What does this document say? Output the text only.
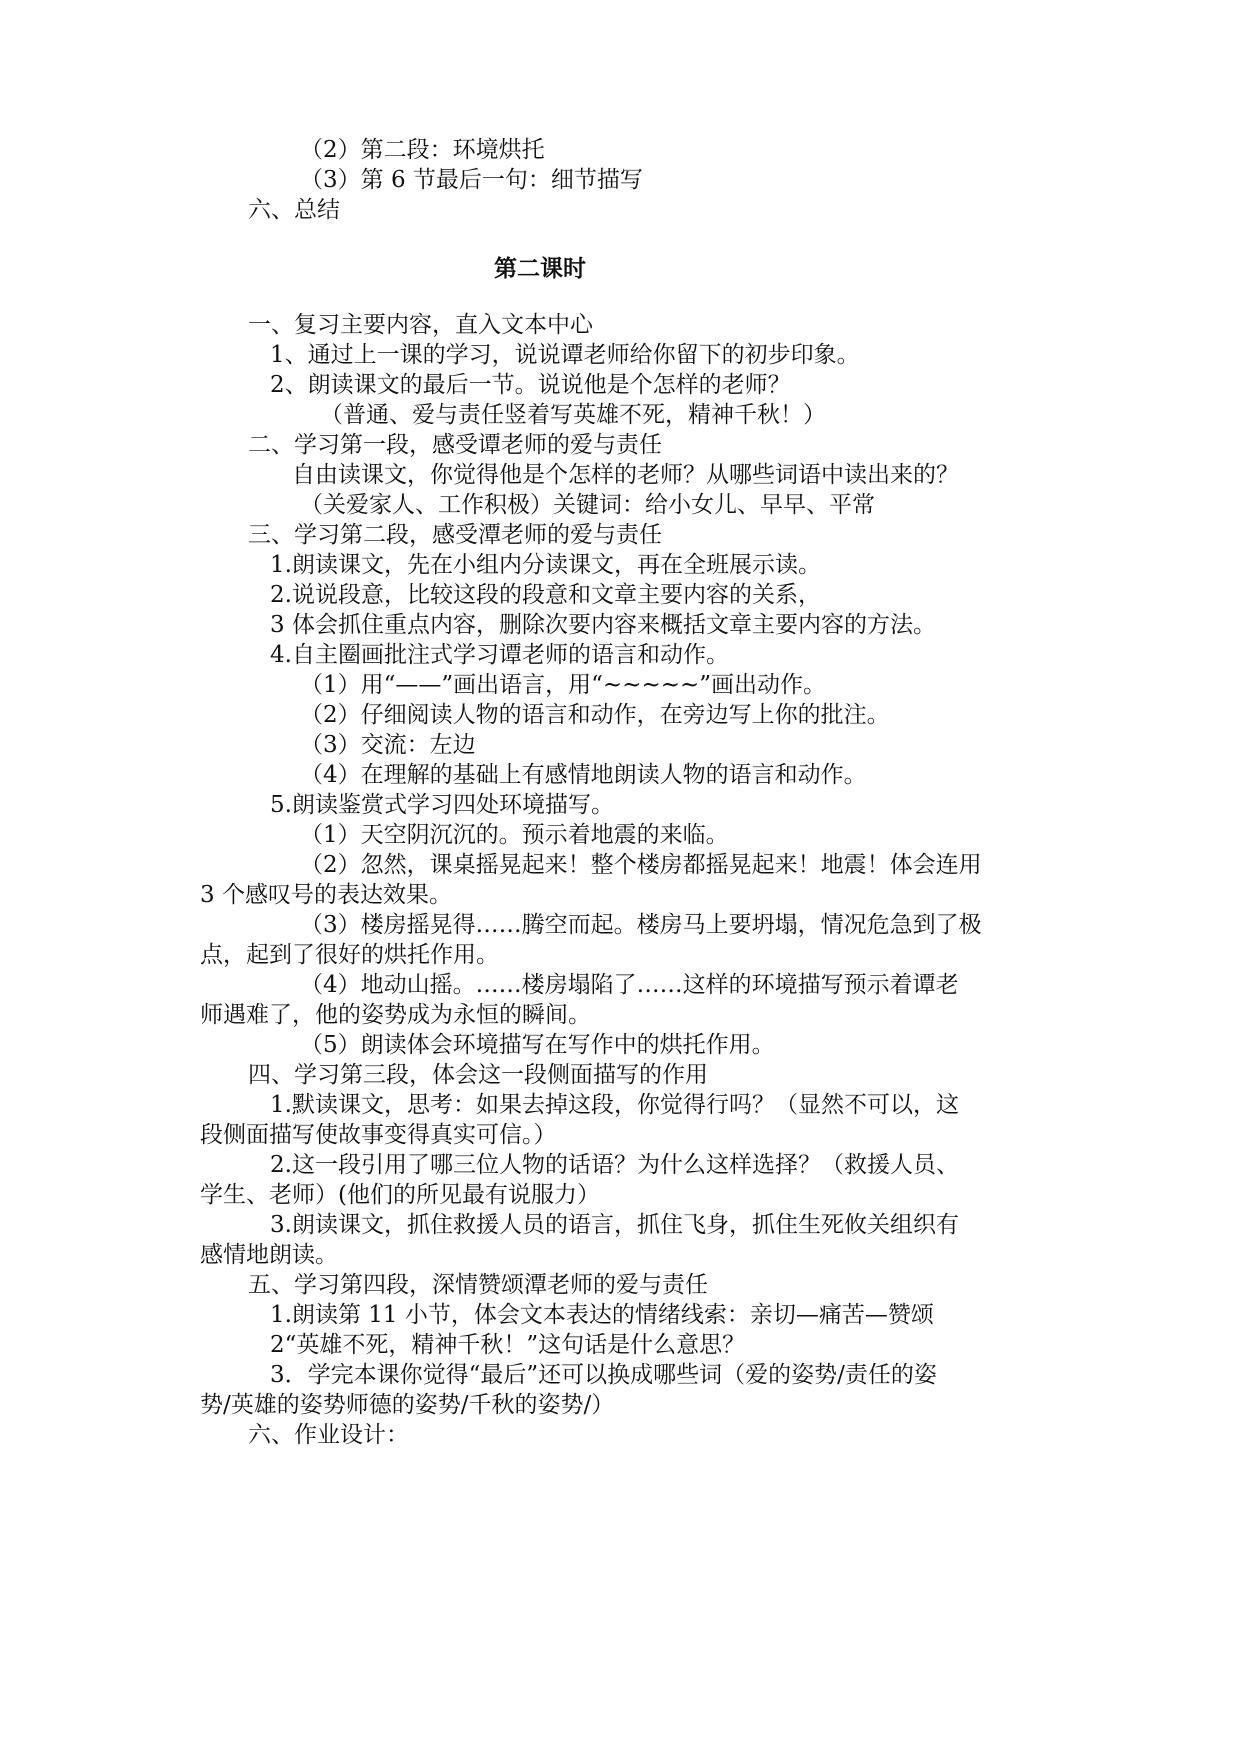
（2）第二段：环境烘托
（3）第 6 节最后一句：细节描写
六、总结
第二课时
一、复习主要内容，直入文本中心
1、通过上一课的学习，说说谭老师给你留下的初步印象。
2、朗读课文的最后一节。说说他是个怎样的老师？
（普通、爱与责任竖着写英雄不死，精神千秋！）
二、学习第一段，感受谭老师的爱与责任
自由读课文，你觉得他是个怎样的老师？从哪些词语中读出来的？
（关爱家人、工作积极）关键词：给小女儿、早早、平常
三、学习第二段，感受潭老师的爱与责任
1.朗读课文，先在小组内分读课文，再在全班展示读。
2.说说段意，比较这段的段意和文章主要内容的关系，
3 体会抓住重点内容，删除次要内容来概括文章主要内容的方法。
4.自主圈画批注式学习谭老师的语言和动作。
（1）用“——”画出语言，用“~~~~~”画出动作。
（2）仔细阅读人物的语言和动作，在旁边写上你的批注。
（3）交流：左边
（4）在理解的基础上有感情地朗读人物的语言和动作。
5.朗读鉴赏式学习四处环境描写。
（1）天空阴沉沉的。预示着地震的来临。
（2）忽然，课桌摇晃起来！整个楼房都摇晃起来！地震！体会连用
3 个感叹号的表达效果。
（3）楼房摇晃得……腾空而起。楼房马上要坍塌，情况危急到了极
点，起到了很好的烘托作用。
（4）地动山摇。……楼房塌陷了……这样的环境描写预示着谭老
师遇难了，他的姿势成为永恒的瞬间。
（5）朗读体会环境描写在写作中的烘托作用。
四、学习第三段，体会这一段侧面描写的作用
1.默读课文，思考：如果去掉这段，你觉得行吗？（显然不可以，这
段侧面描写使故事变得真实可信。）
2.这一段引用了哪三位人物的话语？为什么这样选择？（救援人员、
学生、老师）(他们的所见最有说服力）
3.朗读课文，抓住救援人员的语言，抓住飞身，抓住生死攸关组织有
感情地朗读。
五、学习第四段，深情赞颂潭老师的爱与责任
1.朗读第 11 小节，体会文本表达的情绪线索：亲切—痛苦—赞颂
2“英雄不死，精神千秋！”这句话是什么意思？
3．学完本课你觉得“最后”还可以换成哪些词（爱的姿势/责任的姿
势/英雄的姿势师德的姿势/千秋的姿势/）
六、作业设计：
